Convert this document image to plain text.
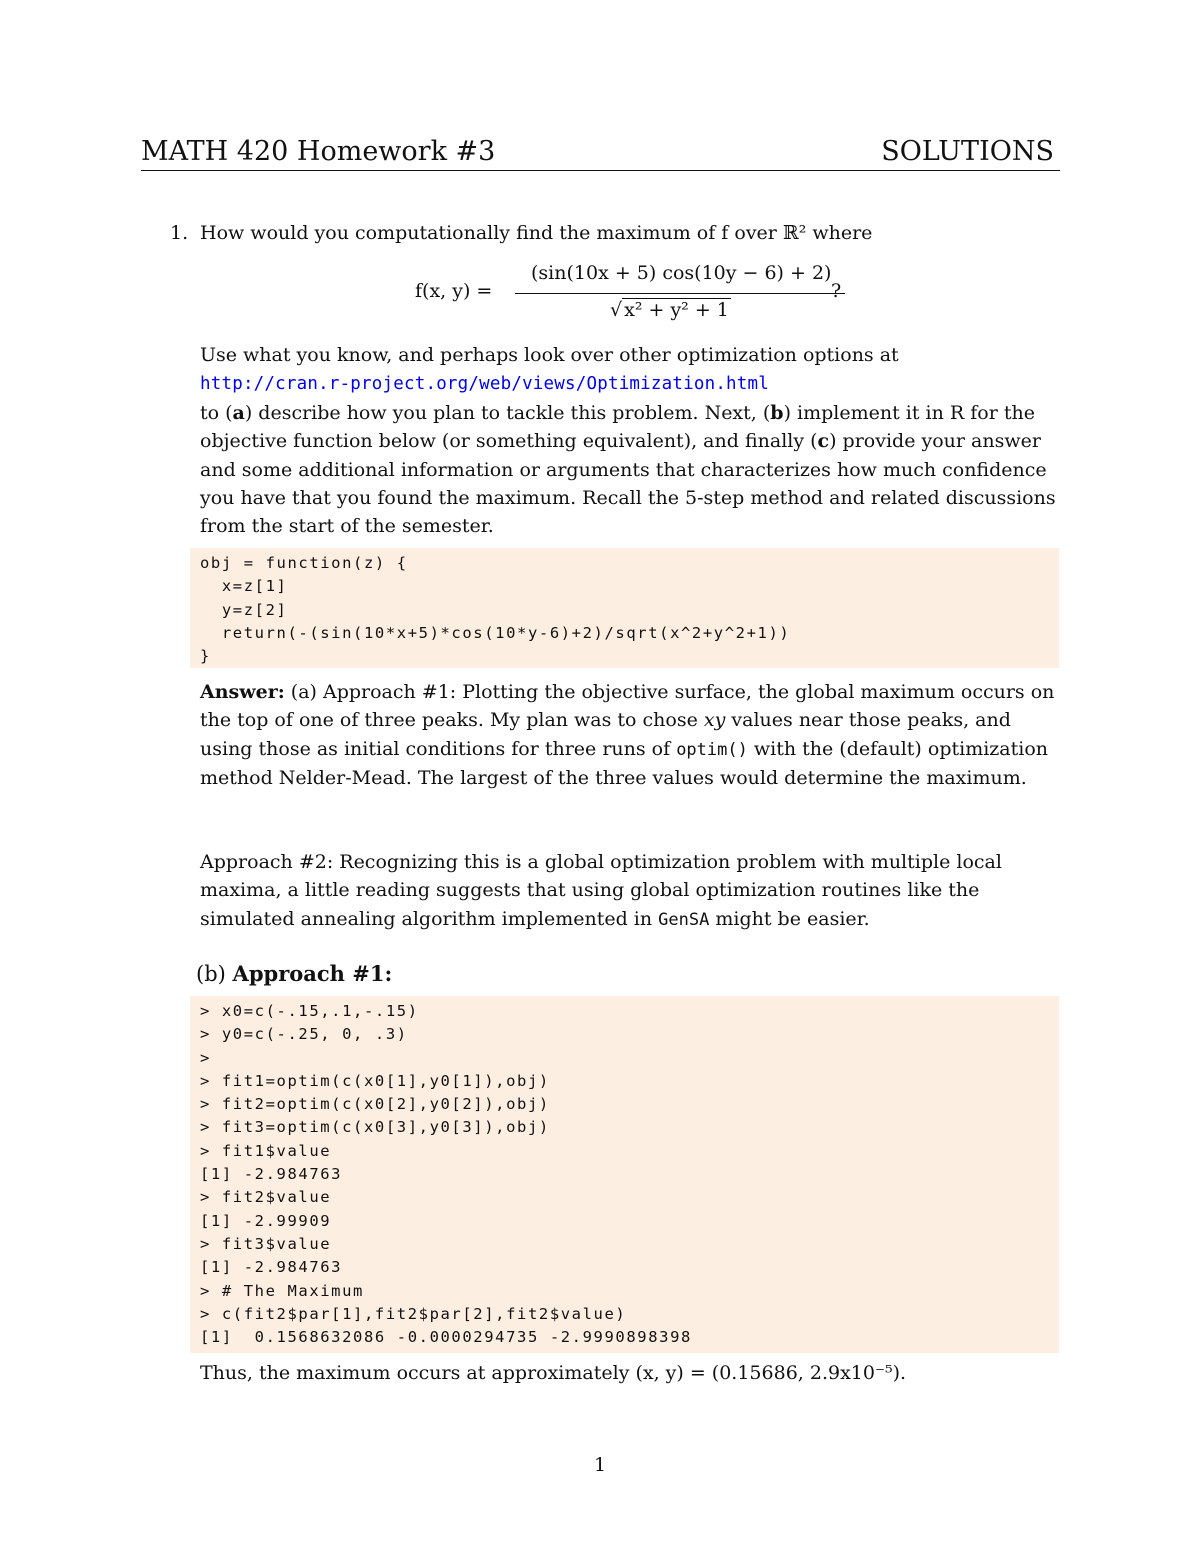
MATH 420 Homework #3	SOLUTIONS
1. How would you computationally find the maximum of f over ℝ² where
f(x, y) =
(sin(10x + 5) cos(10y − 6) + 2)
√ x² + y² + 1
?
Use what you know, and perhaps look over other optimization options at
http://cran.r-project.org/web/views/Optimization.html
to (a) describe how you plan to tackle this problem. Next, (b) implement it in R for the objective function below (or something equivalent), and finally (c) provide your answer and some additional information or arguments that characterizes how much confidence you have that you found the maximum. Recall the 5-step method and related discussions from the start of the semester.
obj = function(z) {
x=z[1]
y=z[2]
return(-(sin(10*x+5)*cos(10*y-6)+2)/sqrt(x^2+y^2+1))
}
Answer: (a) Approach #1: Plotting the objective surface, the global maximum occurs on the top of one of three peaks. My plan was to chose xy values near those peaks, and using those as initial conditions for three runs of optim() with the (default) optimization method Nelder-Mead. The largest of the three values would determine the maximum.
Approach #2: Recognizing this is a global optimization problem with multiple local maxima, a little reading suggests that using global optimization routines like the simulated annealing algorithm implemented in GenSA might be easier.
(b) Approach #1:
> x0=c(-.15,.1,-.15)
> y0=c(-.25, 0, .3)
>
> fit1=optim(c(x0[1],y0[1]),obj)
> fit2=optim(c(x0[2],y0[2]),obj)
> fit3=optim(c(x0[3],y0[3]),obj)
> fit1$value
[1] -2.984763
> fit2$value
[1] -2.99909
> fit3$value
[1] -2.984763
> # The Maximum
> c(fit2$par[1],fit2$par[2],fit2$value)
[1]  0.1568632086 -0.0000294735 -2.9990898398
Thus, the maximum occurs at approximately (x, y) = (0.15686, 2.9x10⁻⁵).
1
